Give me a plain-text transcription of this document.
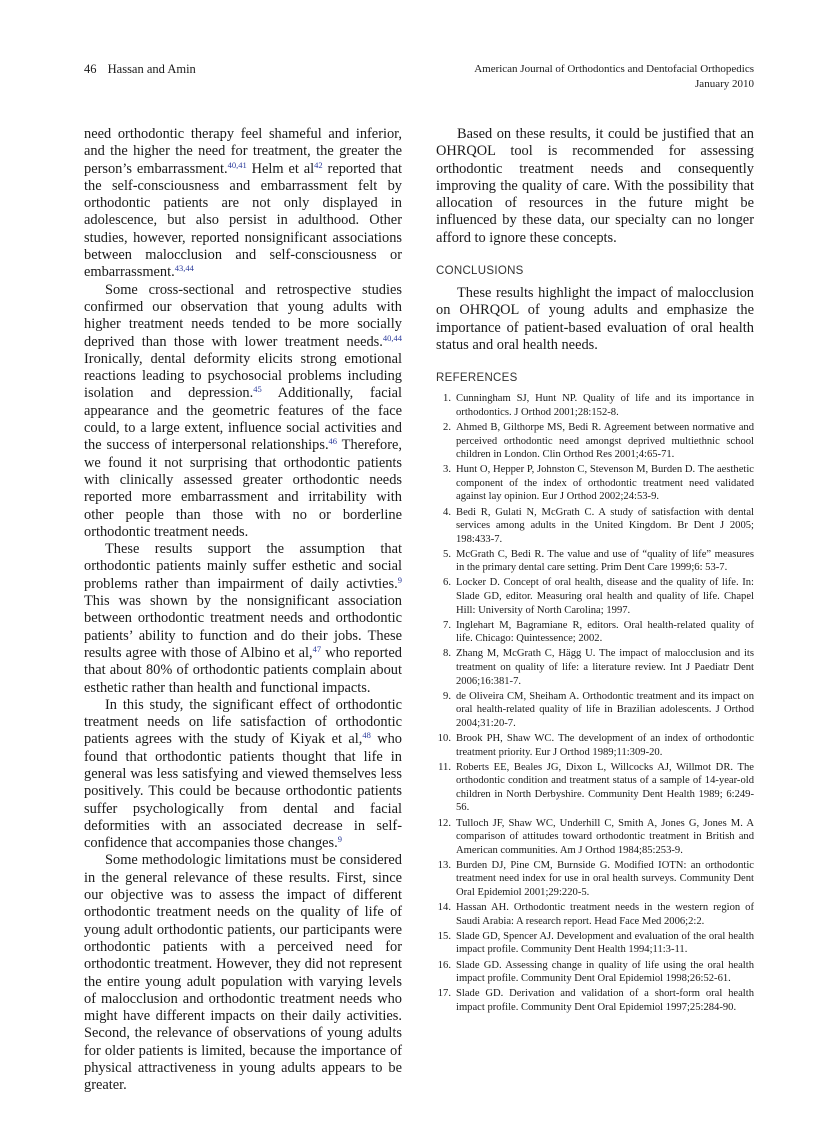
46 Hassan and Amin	American Journal of Orthodontics and Dentofacial Orthopedics
January 2010

need orthodontic therapy feel shameful and inferior, and the higher the need for treatment, the greater the person’s embarrassment.$^{40,41}$ Helm et $al^{42}$ reported that the self-consciousness and embarrassment felt by orthodontic patients are not only displayed in adolescence, but also persist in adulthood. Other studies, however, reported nonsignificant associations between malocclusion and self-consciousness or embarrassment.$^{43,44}$

Some cross-sectional and retrospective studies confirmed our observation that young adults with higher treatment needs tended to be more socially deprived than those with lower treatment needs.$^{40,44}$ Ironically, dental deformity elicits strong emotional reactions leading to psychosocial problems including isolation and depression.$^{45}$ Additionally, facial appearance and the geometric features of the face could, to a large extent, influence social activities and the success of interpersonal relationships.$^{46}$ Therefore, we found it not surprising that orthodontic patients with clinically assessed greater orthodontic needs reported more embarrassment and irritability with other people than those with no or borderline orthodontic treatment needs.

These results support the assumption that orthodontic patients mainly suffer esthetic and social problems rather than impairment of daily activties.$^9$ This was shown by the nonsignificant association between orthodontic treatment needs and orthodontic patients’ ability to function and do their jobs. These results agree with those of Albino et al,$^{47}$ who reported that about 80% of orthodontic patients complain about esthetic rather than health and functional impacts.

In this study, the significant effect of orthodontic treatment needs on life satisfaction of orthodontic patients agrees with the study of Kiyak et al,$^{48}$ who found that orthodontic patients thought that life in general was less satisfying and viewed themselves less positively. This could be because orthodontic patients suffer psychologically from dental and facial deformities with an associated decrease in self-confidence that accompanies those changes.$^9$

Some methodologic limitations must be considered in the general relevance of these results. First, since our objective was to assess the impact of different orthodontic treatment needs on the quality of life of young adult orthodontic patients, our participants were orthodontic patients with a perceived need for orthodontic treatment. However, they did not represent the entire young adult population with varying levels of malocclusion and orthodontic treatment needs who might have different impacts on their daily activities. Second, the relevance of observations of young adults for older patients is limited, because the importance of physical attractiveness in young adults appears to be greater.

Based on these results, it could be justified that an OHRQOL tool is recommended for assessing orthodontic treatment needs and consequently improving the quality of care. With the possibility that allocation of resources in the future might be influenced by these data, our specialty can no longer afford to ignore these concepts.

CONCLUSIONS

These results highlight the impact of malocclusion on OHRQOL of young adults and emphasize the importance of patient-based evaluation of oral health status and oral health needs.

REFERENCES
1. Cunningham SJ, Hunt NP. Quality of life and its importance in orthodontics. J Orthod 2001;28:152-8.
2. Ahmed B, Gilthorpe MS, Bedi R. Agreement between normative and perceived orthodontic need amongst deprived multiethnic school children in London. Clin Orthod Res 2001;4:65-71.
3. Hunt O, Hepper P, Johnston C, Stevenson M, Burden D. The aesthetic component of the index of orthodontic treatment need validated against lay opinion. Eur J Orthod 2002;24:53-9.
4. Bedi R, Gulati N, McGrath C. A study of satisfaction with dental services among adults in the United Kingdom. Br Dent J 2005; 198:433-7.
5. McGrath C, Bedi R. The value and use of “quality of life” measures in the primary dental care setting. Prim Dent Care 1999;6: 53-7.
6. Locker D. Concept of oral health, disease and the quality of life. In: Slade GD, editor. Measuring oral health and quality of life. Chapel Hill: University of North Carolina; 1997.
7. Inglehart M, Bagramiane R, editors. Oral health-related quality of life. Chicago: Quintessence; 2002.
8. Zhang M, McGrath C, Hägg U. The impact of malocclusion and its treatment on quality of life: a literature review. Int J Paediatr Dent 2006;16:381-7.
9. de Oliveira CM, Sheiham A. Orthodontic treatment and its impact on oral health-related quality of life in Brazilian adolescents. J Orthod 2004;31:20-7.
10. Brook PH, Shaw WC. The development of an index of orthodontic treatment priority. Eur J Orthod 1989;11:309-20.
11. Roberts EE, Beales JG, Dixon L, Willcocks AJ, Willmot DR. The orthodontic condition and treatment status of a sample of 14-year-old children in North Derbyshire. Community Dent Health 1989; 6:249-56.
12. Tulloch JF, Shaw WC, Underhill C, Smith A, Jones G, Jones M. A comparison of attitudes toward orthodontic treatment in British and American communities. Am J Orthod 1984;85:253-9.
13. Burden DJ, Pine CM, Burnside G. Modified IOTN: an orthodontic treatment need index for use in oral health surveys. Community Dent Oral Epidemiol 2001;29:220-5.
14. Hassan AH. Orthodontic treatment needs in the western region of Saudi Arabia: A research report. Head Face Med 2006;2:2.
15. Slade GD, Spencer AJ. Development and evaluation of the oral health impact profile. Community Dent Health 1994;11:3-11.
16. Slade GD. Assessing change in quality of life using the oral health impact profile. Community Dent Oral Epidemiol 1998;26:52-61.
17. Slade GD. Derivation and validation of a short-form oral health impact profile. Community Dent Oral Epidemiol 1997;25:284-90.
